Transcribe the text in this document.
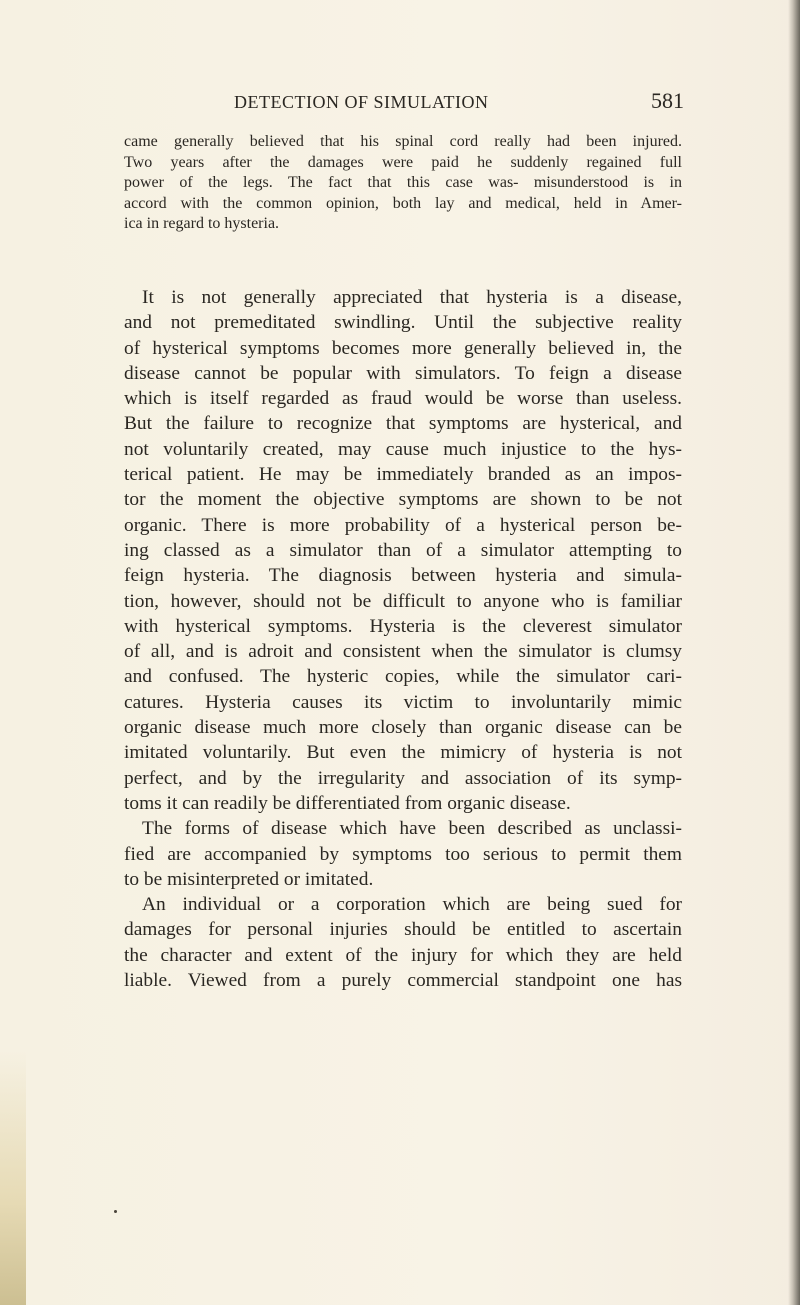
DETECTION OF SIMULATION	581
came generally believed that his spinal cord really had been injured.
Two years after the damages were paid he suddenly regained full
power of the legs. The fact that this case was- misunderstood is in
accord with the common opinion, both lay and medical, held in Amer-
ica in regard to hysteria.
It is not generally appreciated that hysteria is a disease,
and not premeditated swindling. Until the subjective reality
of hysterical symptoms becomes more generally believed in, the
disease cannot be popular with simulators. To feign a disease
which is itself regarded as fraud would be worse than useless.
But the failure to recognize that symptoms are hysterical, and
not voluntarily created, may cause much injustice to the hys-
terical patient. He may be immediately branded as an impos-
tor the moment the objective symptoms are shown to be not
organic. There is more probability of a hysterical person be-
ing classed as a simulator than of a simulator attempting to
feign hysteria. The diagnosis between hysteria and simula-
tion, however, should not be difficult to anyone who is familiar
with hysterical symptoms. Hysteria is the cleverest simulator
of all, and is adroit and consistent when the simulator is clumsy
and confused. The hysteric copies, while the simulator cari-
catures. Hysteria causes its victim to involuntarily mimic
organic disease much more closely than organic disease can be
imitated voluntarily. But even the mimicry of hysteria is not
perfect, and by the irregularity and association of its symp-
toms it can readily be differentiated from organic disease.
The forms of disease which have been described as unclassi-
fied are accompanied by symptoms too serious to permit them
to be misinterpreted or imitated.
An individual or a corporation which are being sued for
damages for personal injuries should be entitled to ascertain
the character and extent of the injury for which they are held
liable. Viewed from a purely commercial standpoint one has
